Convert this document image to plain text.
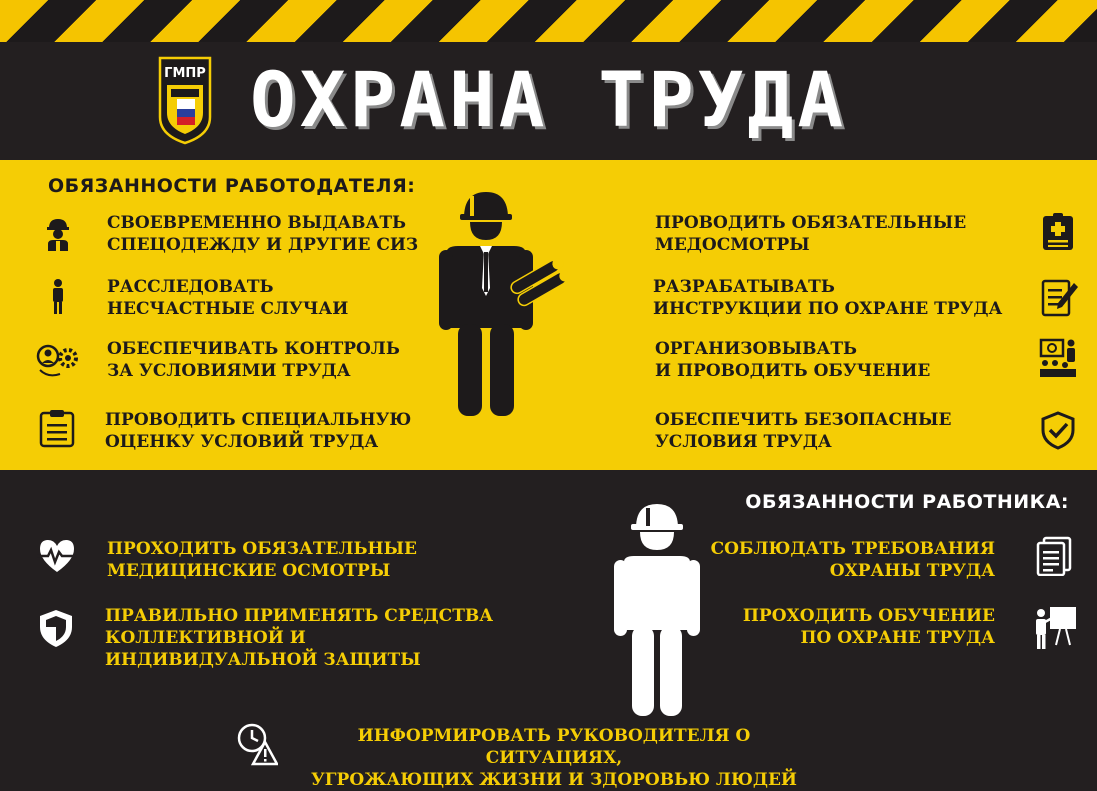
ГМПР ОХРАНА ТРУДА
ОБЯЗАННОСТИ РАБОТОДАТЕЛЯ:
СВОЕВРЕМЕННО ВЫДАВАТЬ
СПЕЦОДЕЖДУ И ДРУГИЕ СИЗ
РАССЛЕДОВАТЬ
НЕСЧАСТНЫЕ СЛУЧАИ
ОБЕСПЕЧИВАТЬ КОНТРОЛЬ
ЗА УСЛОВИЯМИ ТРУДА
ПРОВОДИТЬ СПЕЦИАЛЬНУЮ
ОЦЕНКУ УСЛОВИЙ ТРУДА
ПРОВОДИТЬ ОБЯЗАТЕЛЬНЫЕ
МЕДОСМОТРЫ
РАЗРАБАТЫВАТЬ
ИНСТРУКЦИИ ПО ОХРАНЕ ТРУДА
ОРГАНИЗОВЫВАТЬ
И ПРОВОДИТЬ ОБУЧЕНИЕ
ОБЕСПЕЧИТЬ БЕЗОПАСНЫЕ
УСЛОВИЯ ТРУДА
ОБЯЗАННОСТИ РАБОТНИКА:
ПРОХОДИТЬ ОБЯЗАТЕЛЬНЫЕ
МЕДИЦИНСКИЕ ОСМОТРЫ
ПРАВИЛЬНО ПРИМЕНЯТЬ СРЕДСТВА
КОЛЛЕКТИВНОЙ И
ИНДИВИДУАЛЬНОЙ ЗАЩИТЫ
СОБЛЮДАТЬ ТРЕБОВАНИЯ
ОХРАНЫ ТРУДА
ПРОХОДИТЬ ОБУЧЕНИЕ
ПО ОХРАНЕ ТРУДА
ИНФОРМИРОВАТЬ РУКОВОДИТЕЛЯ О СИТУАЦИЯХ,
УГРОЖАЮЩИХ ЖИЗНИ И ЗДОРОВЬЮ ЛЮДЕЙ
